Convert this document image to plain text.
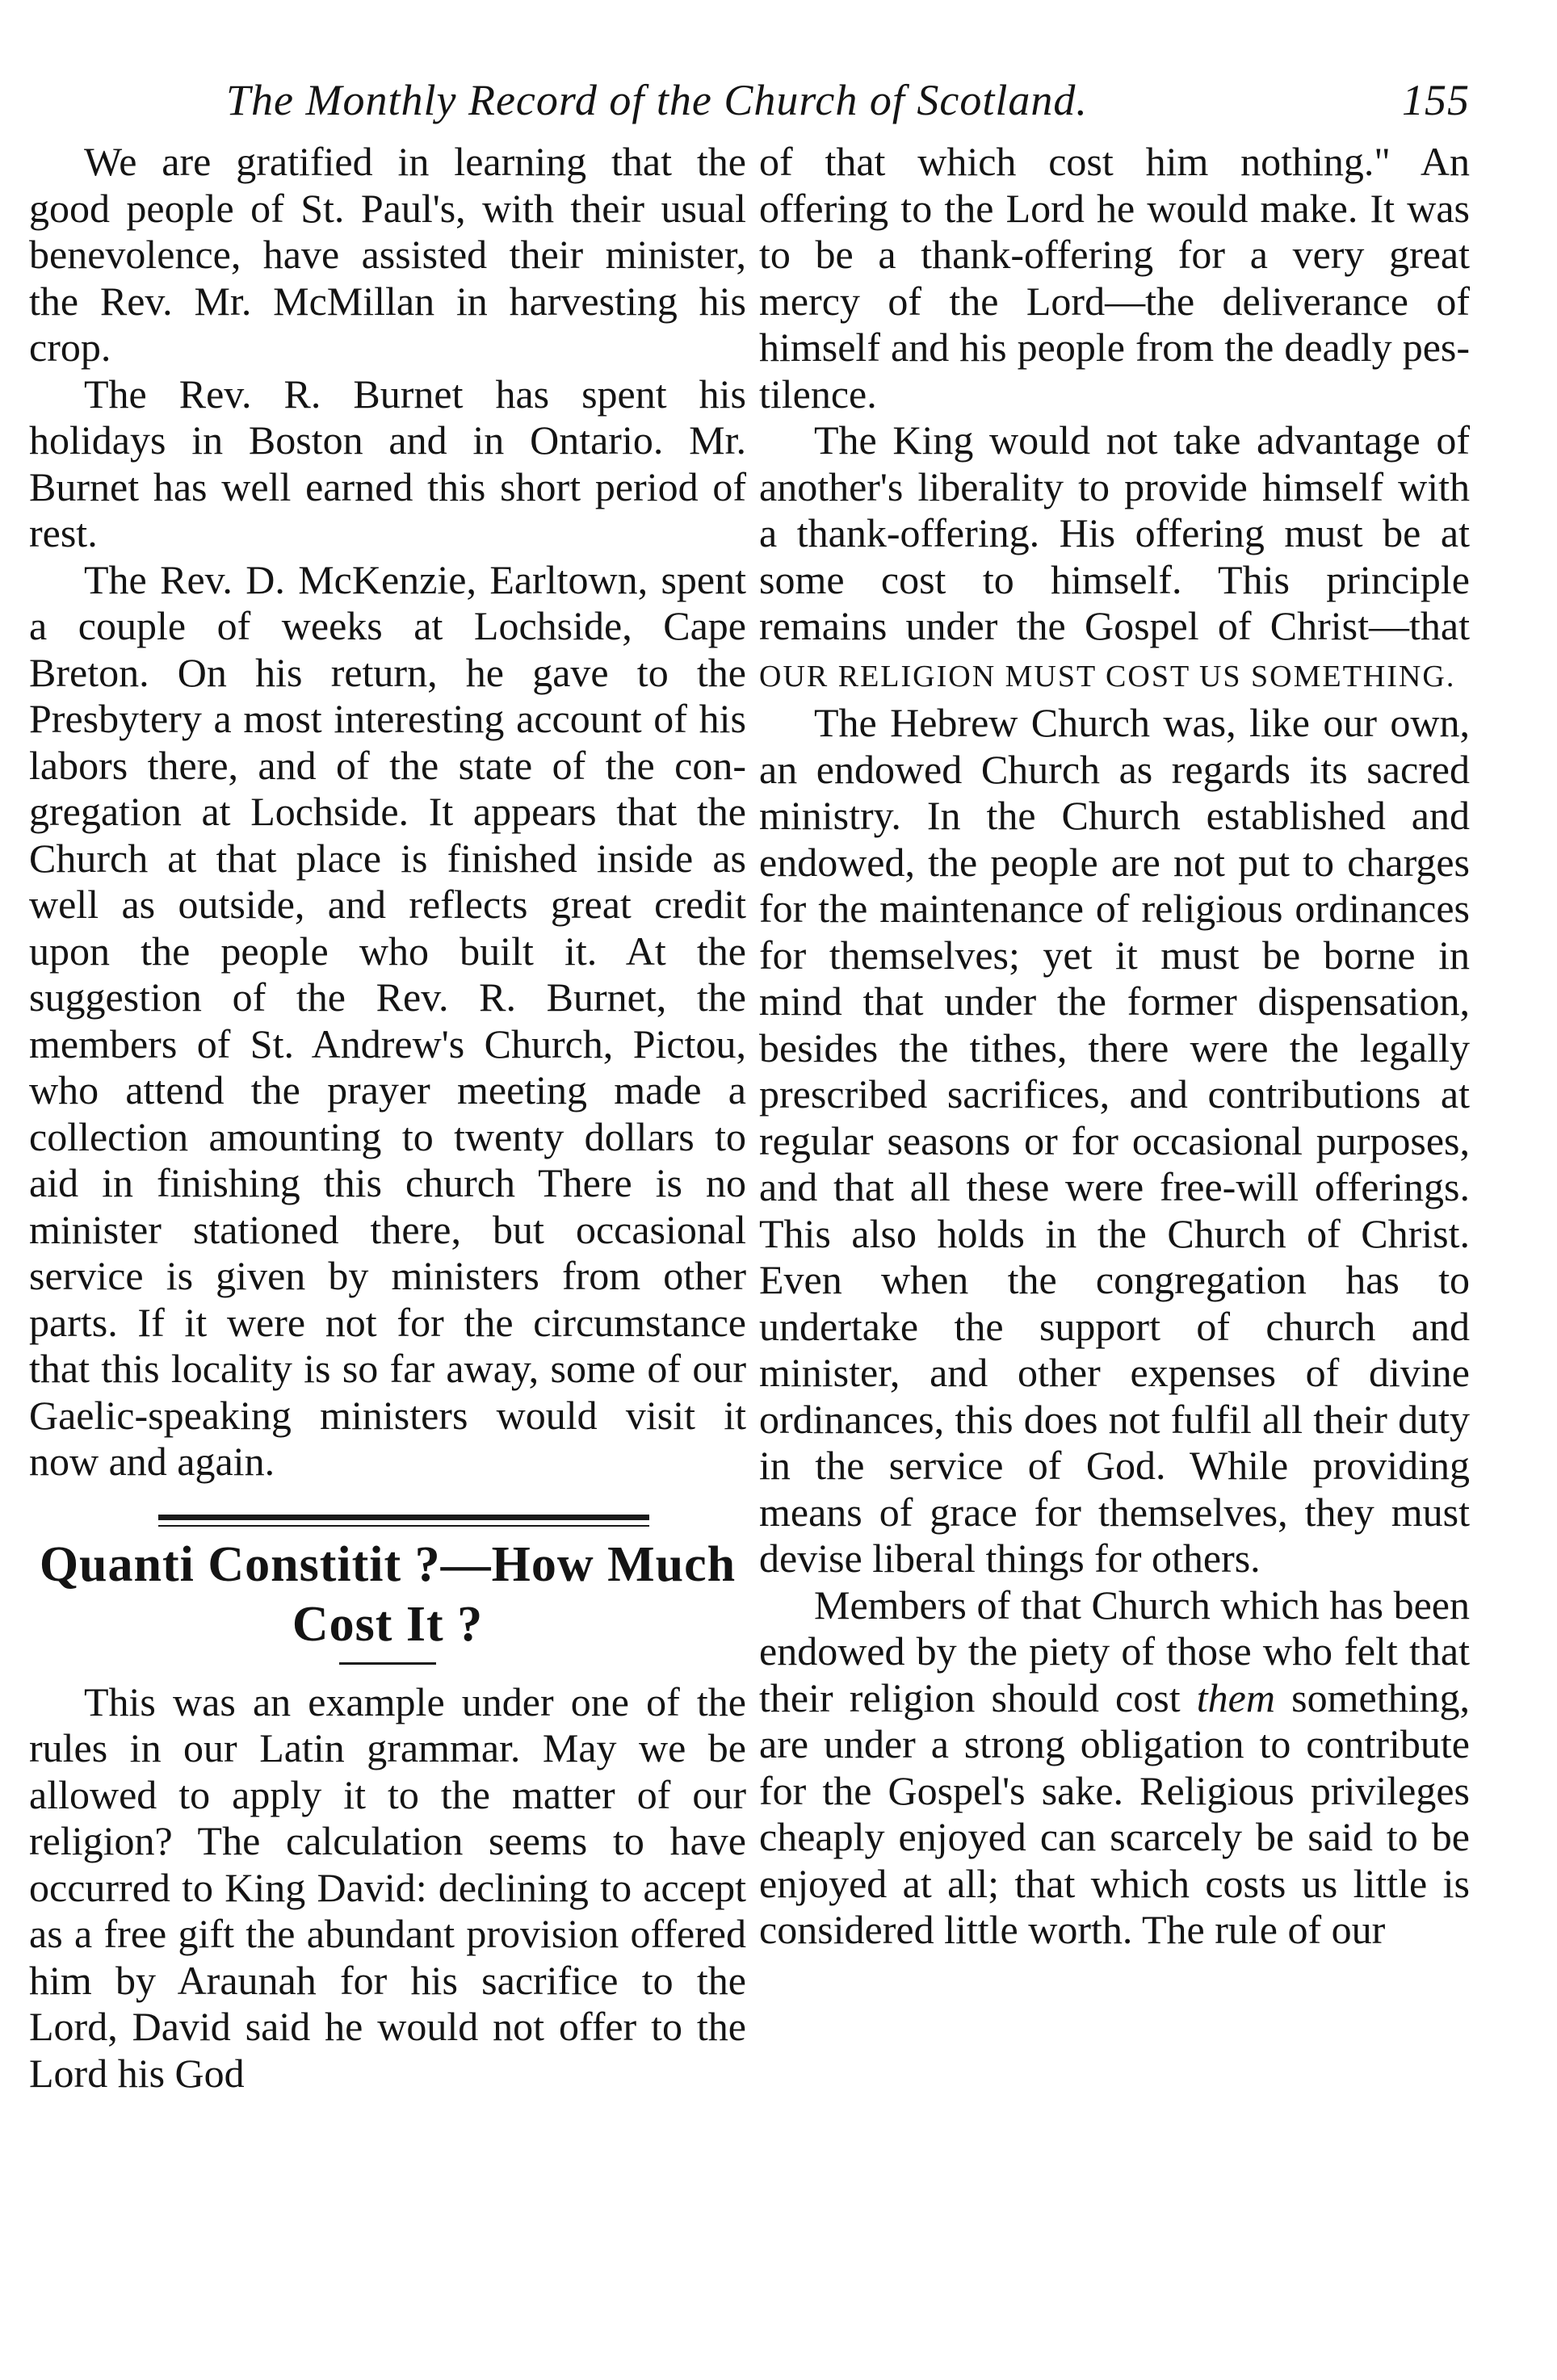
The Monthly Record of the Church of Scotland.	155

We are gratified in learning that the good people of St. Paul's, with their usual benevolence, have assisted their minister, the Rev. Mr. McMillan in harvesting his crop.

The Rev. R. Burnet has spent his holidays in Boston and in Ontario. Mr. Burnet has well earned this short period of rest.

The Rev. D. McKenzie, Earltown, spent a couple of weeks at Lochside, Cape Breton. On his return, he gave to the Presbytery a most interesting account of his labors there, and of the state of the congregation at Lochside. It appears that the Church at that place is finished inside as well as outside, and reflects great credit upon the people who built it. At the suggestion of the Rev. R. Burnet, the members of St. Andrew's Church, Pictou, who attend the prayer meeting made a collection amounting to twenty dollars to aid in finishing this church There is no minister stationed there, but occasional service is given by ministers from other parts. If it were not for the circumstance that this locality is so far away, some of our Gaelic-speaking ministers would visit it now and again.

Quanti Constitit ?—How Much
Cost It ?

This was an example under one of the rules in our Latin grammar. May we be allowed to apply it to the matter of our religion? The calculation seems to have occurred to King David: declining to accept as a free gift the abundant provision offered him by Araunah for his sacrifice to the Lord, David said he would not offer to the Lord his God

of that which cost him nothing." An offering to the Lord he would make. It was to be a thank-offering for a very great mercy of the Lord—the deliverance of himself and his people from the deadly pestilence.

The King would not take advantage of another's liberality to provide himself with a thank-offering. His offering must be at some cost to himself. This principle remains under the Gospel of Christ—that OUR RELIGION MUST COST US SOMETHING.

The Hebrew Church was, like our own, an endowed Church as regards its sacred ministry. In the Church established and endowed, the people are not put to charges for the maintenance of religious ordinances for themselves; yet it must be borne in mind that under the former dispensation, besides the tithes, there were the legally prescribed sacrifices, and contributions at regular seasons or for occasional purposes, and that all these were free-will offerings. This also holds in the Church of Christ. Even when the congregation has to undertake the support of church and minister, and other expenses of divine ordinances, this does not fulfil all their duty in the service of God. While providing means of grace for themselves, they must devise liberal things for others.

Members of that Church which has been endowed by the piety of those who felt that their religion should cost them something, are under a strong obligation to contribute for the Gospel's sake. Religious privileges cheaply enjoyed can scarcely be said to be enjoyed at all; that which costs us little is considered little worth. The rule of our
